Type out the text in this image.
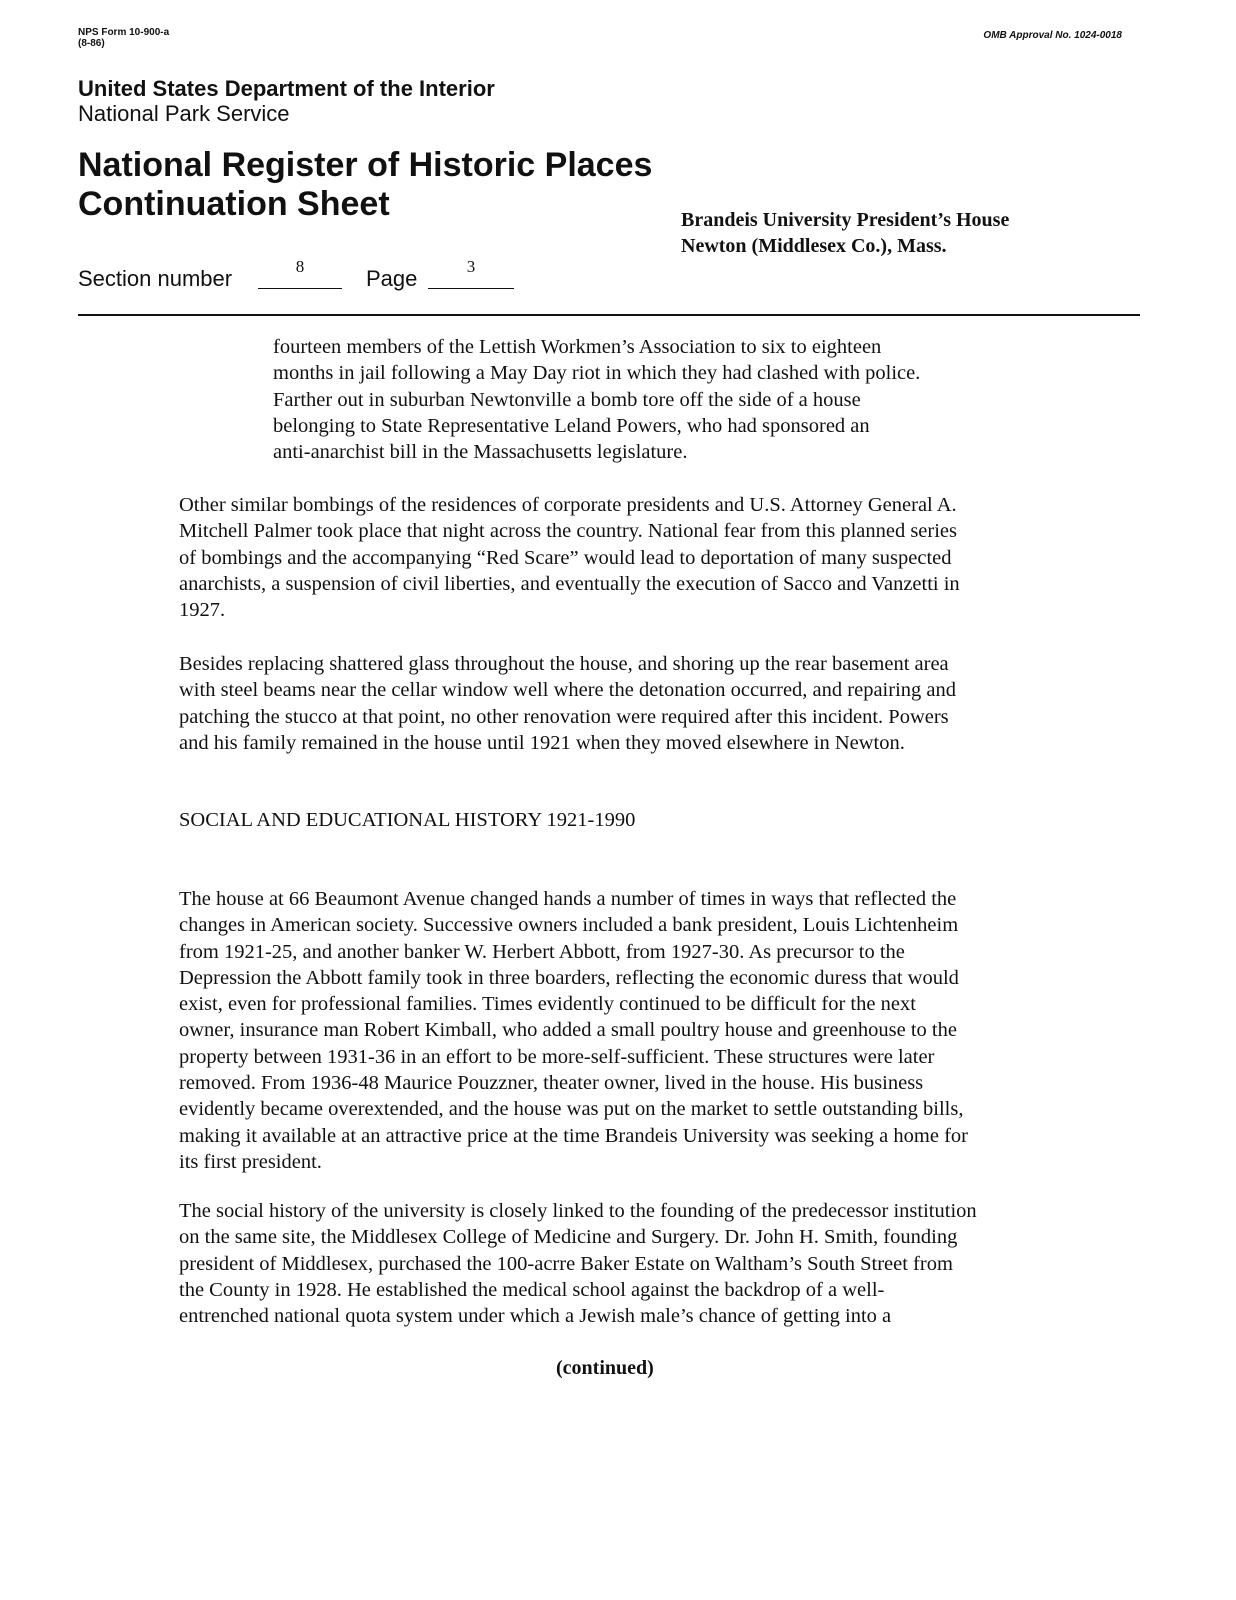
NPS Form 10-900-a
(8-86)
OMB Approval No. 1024-0018
United States Department of the Interior
National Park Service
National Register of Historic Places
Continuation Sheet	Brandeis University President’s House
Newton (Middlesex Co.), Mass.
Section number	8	Page	3
fourteen members of the Lettish Workmen’s Association to six to eighteen
months in jail following a May Day riot in which they had clashed with police.
Farther out in suburban Newtonville a bomb tore off the side of a house
belonging to State Representative Leland Powers, who had sponsored an
anti-anarchist bill in the Massachusetts legislature.
Other similar bombings of the residences of corporate presidents and U.S. Attorney General A.
Mitchell Palmer took place that night across the country. National fear from this planned series
of bombings and the accompanying “Red Scare” would lead to deportation of many suspected
anarchists, a suspension of civil liberties, and eventually the execution of Sacco and Vanzetti in
1927.
Besides replacing shattered glass throughout the house, and shoring up the rear basement area
with steel beams near the cellar window well where the detonation occurred, and repairing and
patching the stucco at that point, no other renovation were required after this incident. Powers
and his family remained in the house until 1921 when they moved elsewhere in Newton.
SOCIAL AND EDUCATIONAL HISTORY 1921-1990
The house at 66 Beaumont Avenue changed hands a number of times in ways that reflected the
changes in American society. Successive owners included a bank president, Louis Lichtenheim
from 1921-25, and another banker W. Herbert Abbott, from 1927-30. As precursor to the
Depression the Abbott family took in three boarders, reflecting the economic duress that would
exist, even for professional families. Times evidently continued to be difficult for the next
owner, insurance man Robert Kimball, who added a small poultry house and greenhouse to the
property between 1931-36 in an effort to be more-self-sufficient. These structures were later
removed. From 1936-48 Maurice Pouzzner, theater owner, lived in the house. His business
evidently became overextended, and the house was put on the market to settle outstanding bills,
making it available at an attractive price at the time Brandeis University was seeking a home for
its first president.
The social history of the university is closely linked to the founding of the predecessor institution
on the same site, the Middlesex College of Medicine and Surgery. Dr. John H. Smith, founding
president of Middlesex, purchased the 100-acrre Baker Estate on Waltham’s South Street from
the County in 1928. He established the medical school against the backdrop of a well-
entrenched national quota system under which a Jewish male’s chance of getting into a
(continued)
